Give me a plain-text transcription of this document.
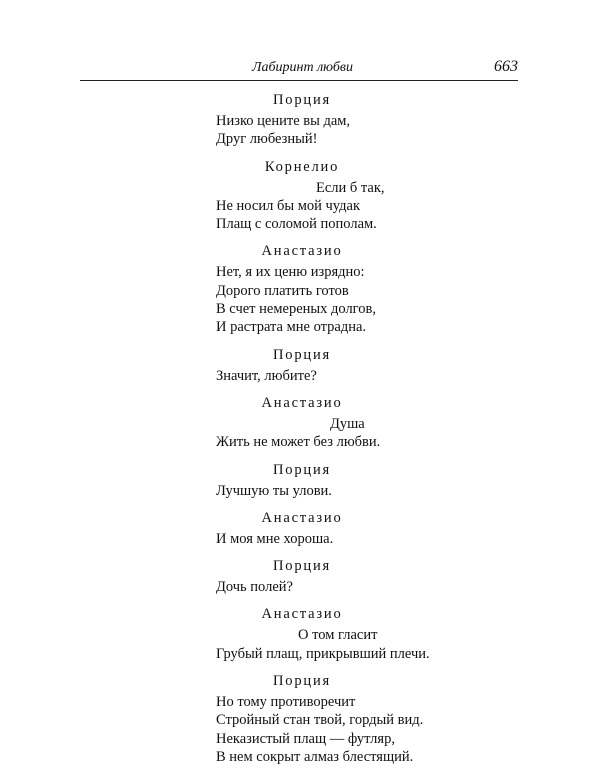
Лабиринт любви	663
Порция
Низко цените вы дам,
Друг любезный!
Корнелио
Если б так,
Не носил бы мой чудак
Плащ с соломой пополам.
Анастазио
Нет, я их ценю изрядно:
Дорого платить готов
В счет немереных долгов,
И растрата мне отрадна.
Порция
Значит, любите?
Анастазио
Душа
Жить не может без любви.
Порция
Лучшую ты улови.
Анастазио
И моя мне хороша.
Порция
Дочь полей?
Анастазио
О том гласит
Грубый плащ, прикрывший плечи.
Порция
Но тому противоречит
Стройный стан твой, гордый вид.
Неказистый плащ — футляр,
В нем сокрыт алмаз блестящий.
